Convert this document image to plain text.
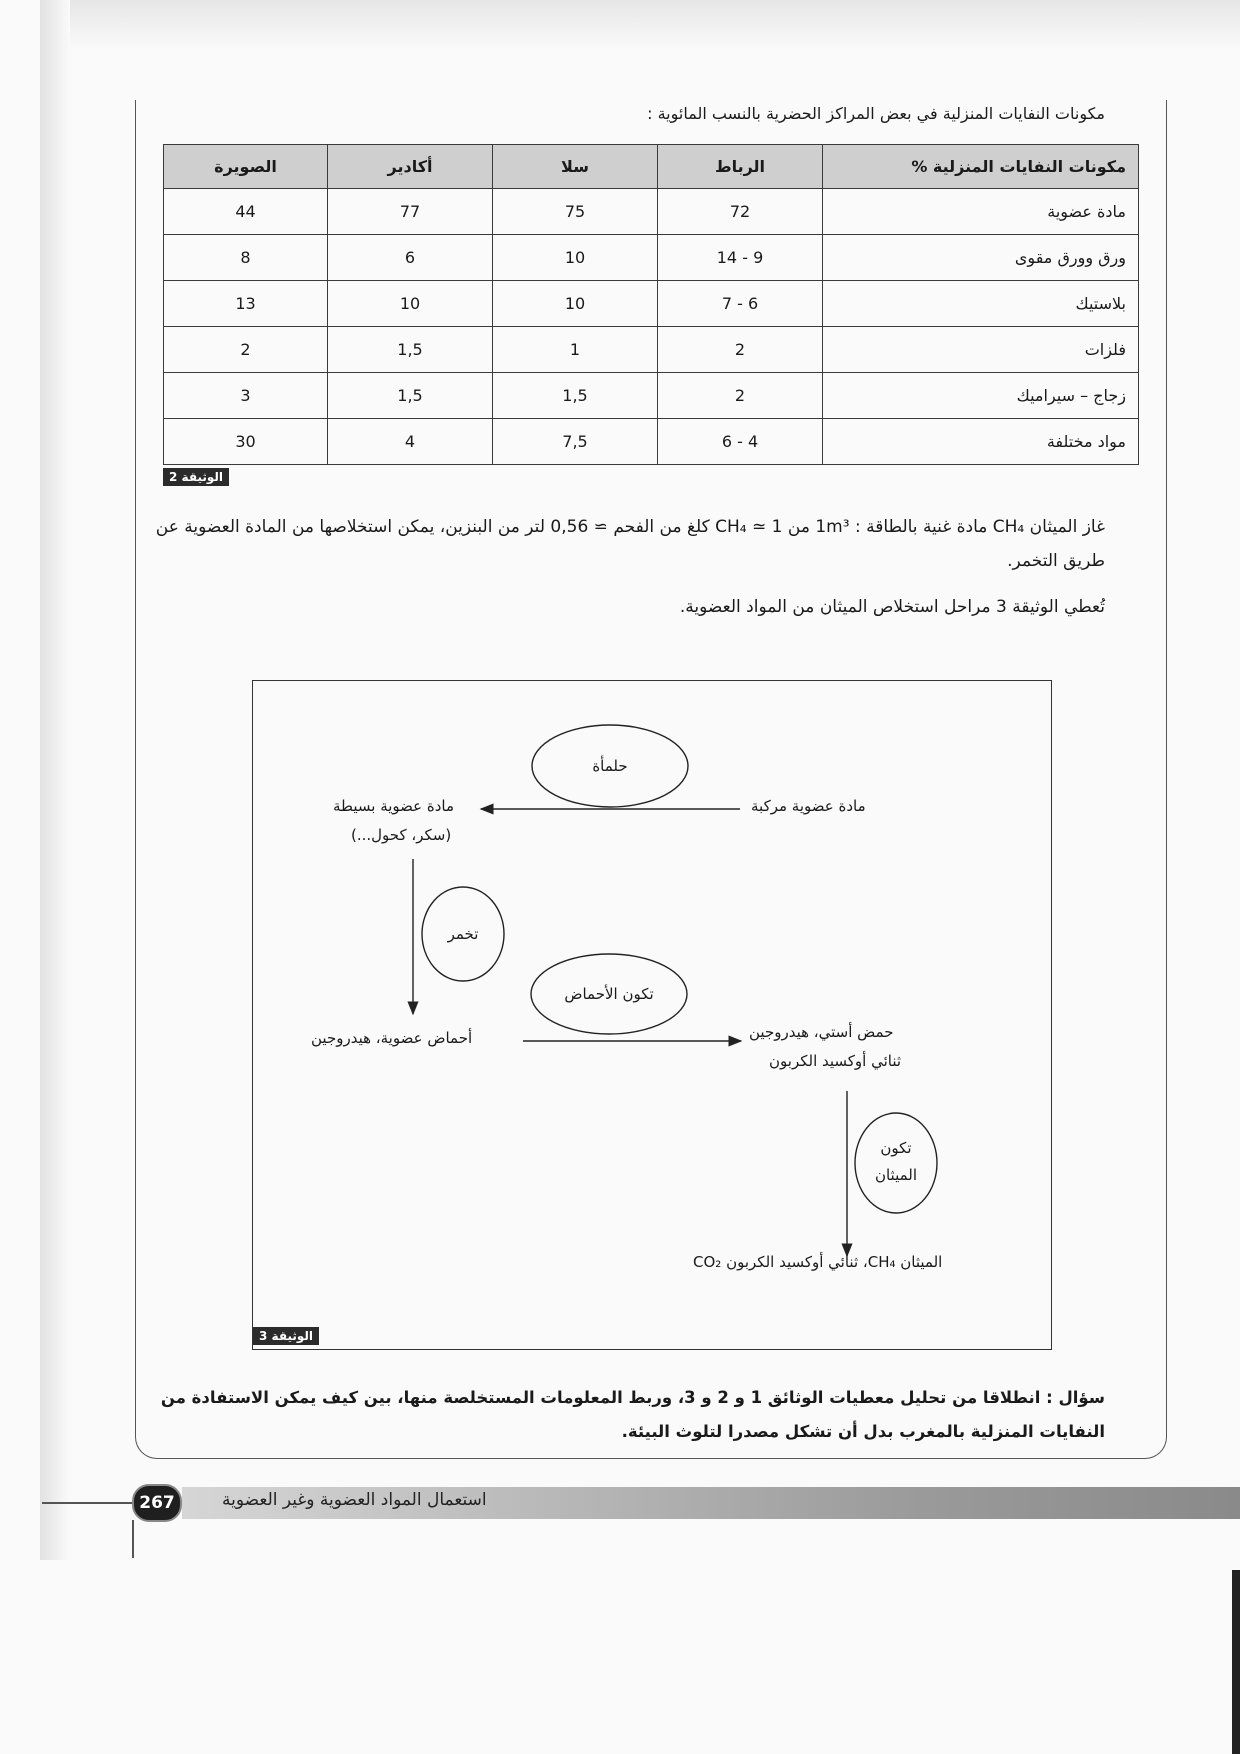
مكونات النفايات المنزلية في بعض المراكز الحضرية بالنسب المائوية :
مكونات النفايات المنزلية %	الرباط	سلا	أكادير	الصويرة
مادة عضوية	72	75	77	44
ورق وورق مقوى	9 - 14	10	6	8
بلاستيك	6 - 7	10	10	13
فلزات	2	1	1,5	2
زجاج – سيراميك	2	1,5	1,5	3
مواد مختلفة	4 - 6	7,5	4	30
الوثيقة 2
غاز الميثان CH₄ مادة غنية بالطاقة : 1m³ من CH₄ ≃ 1 كلغ من الفحم ≃ 0,56 لتر من البنزين، يمكن استخلاصها من المادة العضوية عن طريق التخمر.
تُعطي الوثيقة 3 مراحل استخلاص الميثان من المواد العضوية.
حلمأة
مادة عضوية مركبة
مادة عضوية بسيطة
(سكر، كحول...)
تخمر
تكون الأحماض
أحماض عضوية، هيدروجين	حمض أستي، هيدروجين
ثنائي أوكسيد الكربون
تكون
الميثان
الميثان CH₄، ثنائي أوكسيد الكربون CO₂
الوثيقة 3
سؤال : انطلاقا من تحليل معطيات الوثائق 1 و 2 و 3، وربط المعلومات المستخلصة منها، بين كيف يمكن الاستفادة من النفايات المنزلية بالمغرب بدل أن تشكل مصدرا لتلوث البيئة.
استعمال المواد العضوية وغير العضوية
267
